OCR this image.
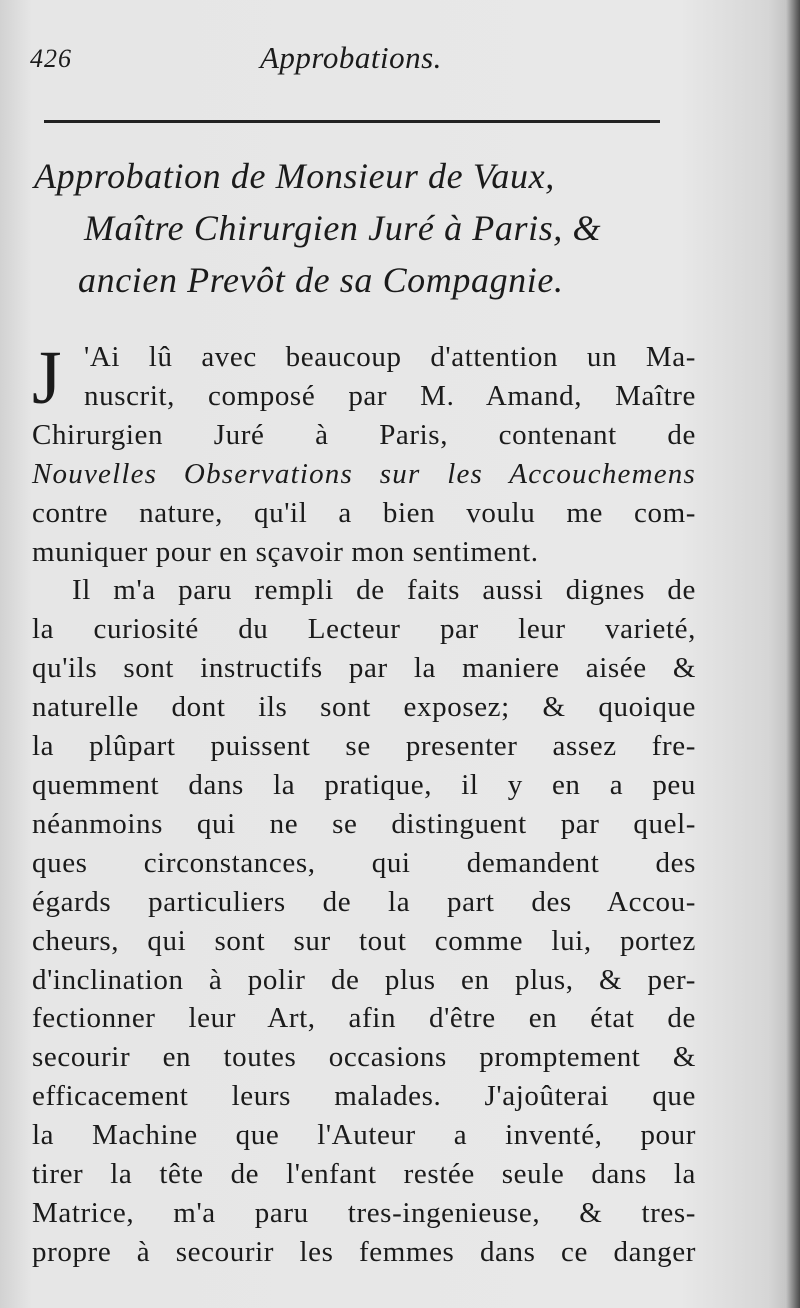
426	Approbations.
Approbation de Monsieur de Vaux,
Maître Chirurgien Juré à Paris, &
ancien Prevôt de sa Compagnie.
J 'Ai lû avec beaucoup d'attention un Ma-
nuscrit, composé par M. Amand, Maître
Chirurgien Juré à Paris, contenant de
Nouvelles Observations sur les Accouchemens
contre nature, qu'il a bien voulu me com-
muniquer pour en sçavoir mon sentiment.
Il m'a paru rempli de faits aussi dignes de
la curiosité du Lecteur par leur varieté,
qu'ils sont instructifs par la maniere aisée &
naturelle dont ils sont exposez; & quoique
la plûpart puissent se presenter assez fre-
quemment dans la pratique, il y en a peu
néanmoins qui ne se distinguent par quel-
ques circonstances, qui demandent des
égards particuliers de la part des Accou-
cheurs, qui sont sur tout comme lui, portez
d'inclination à polir de plus en plus, & per-
fectionner leur Art, afin d'être en état de
secourir en toutes occasions promptement &
efficacement leurs malades. J'ajoûterai que
la Machine que l'Auteur a inventé, pour
tirer la tête de l'enfant restée seule dans la
Matrice, m'a paru tres-ingenieuse, & tres-
propre à secourir les femmes dans ce danger
